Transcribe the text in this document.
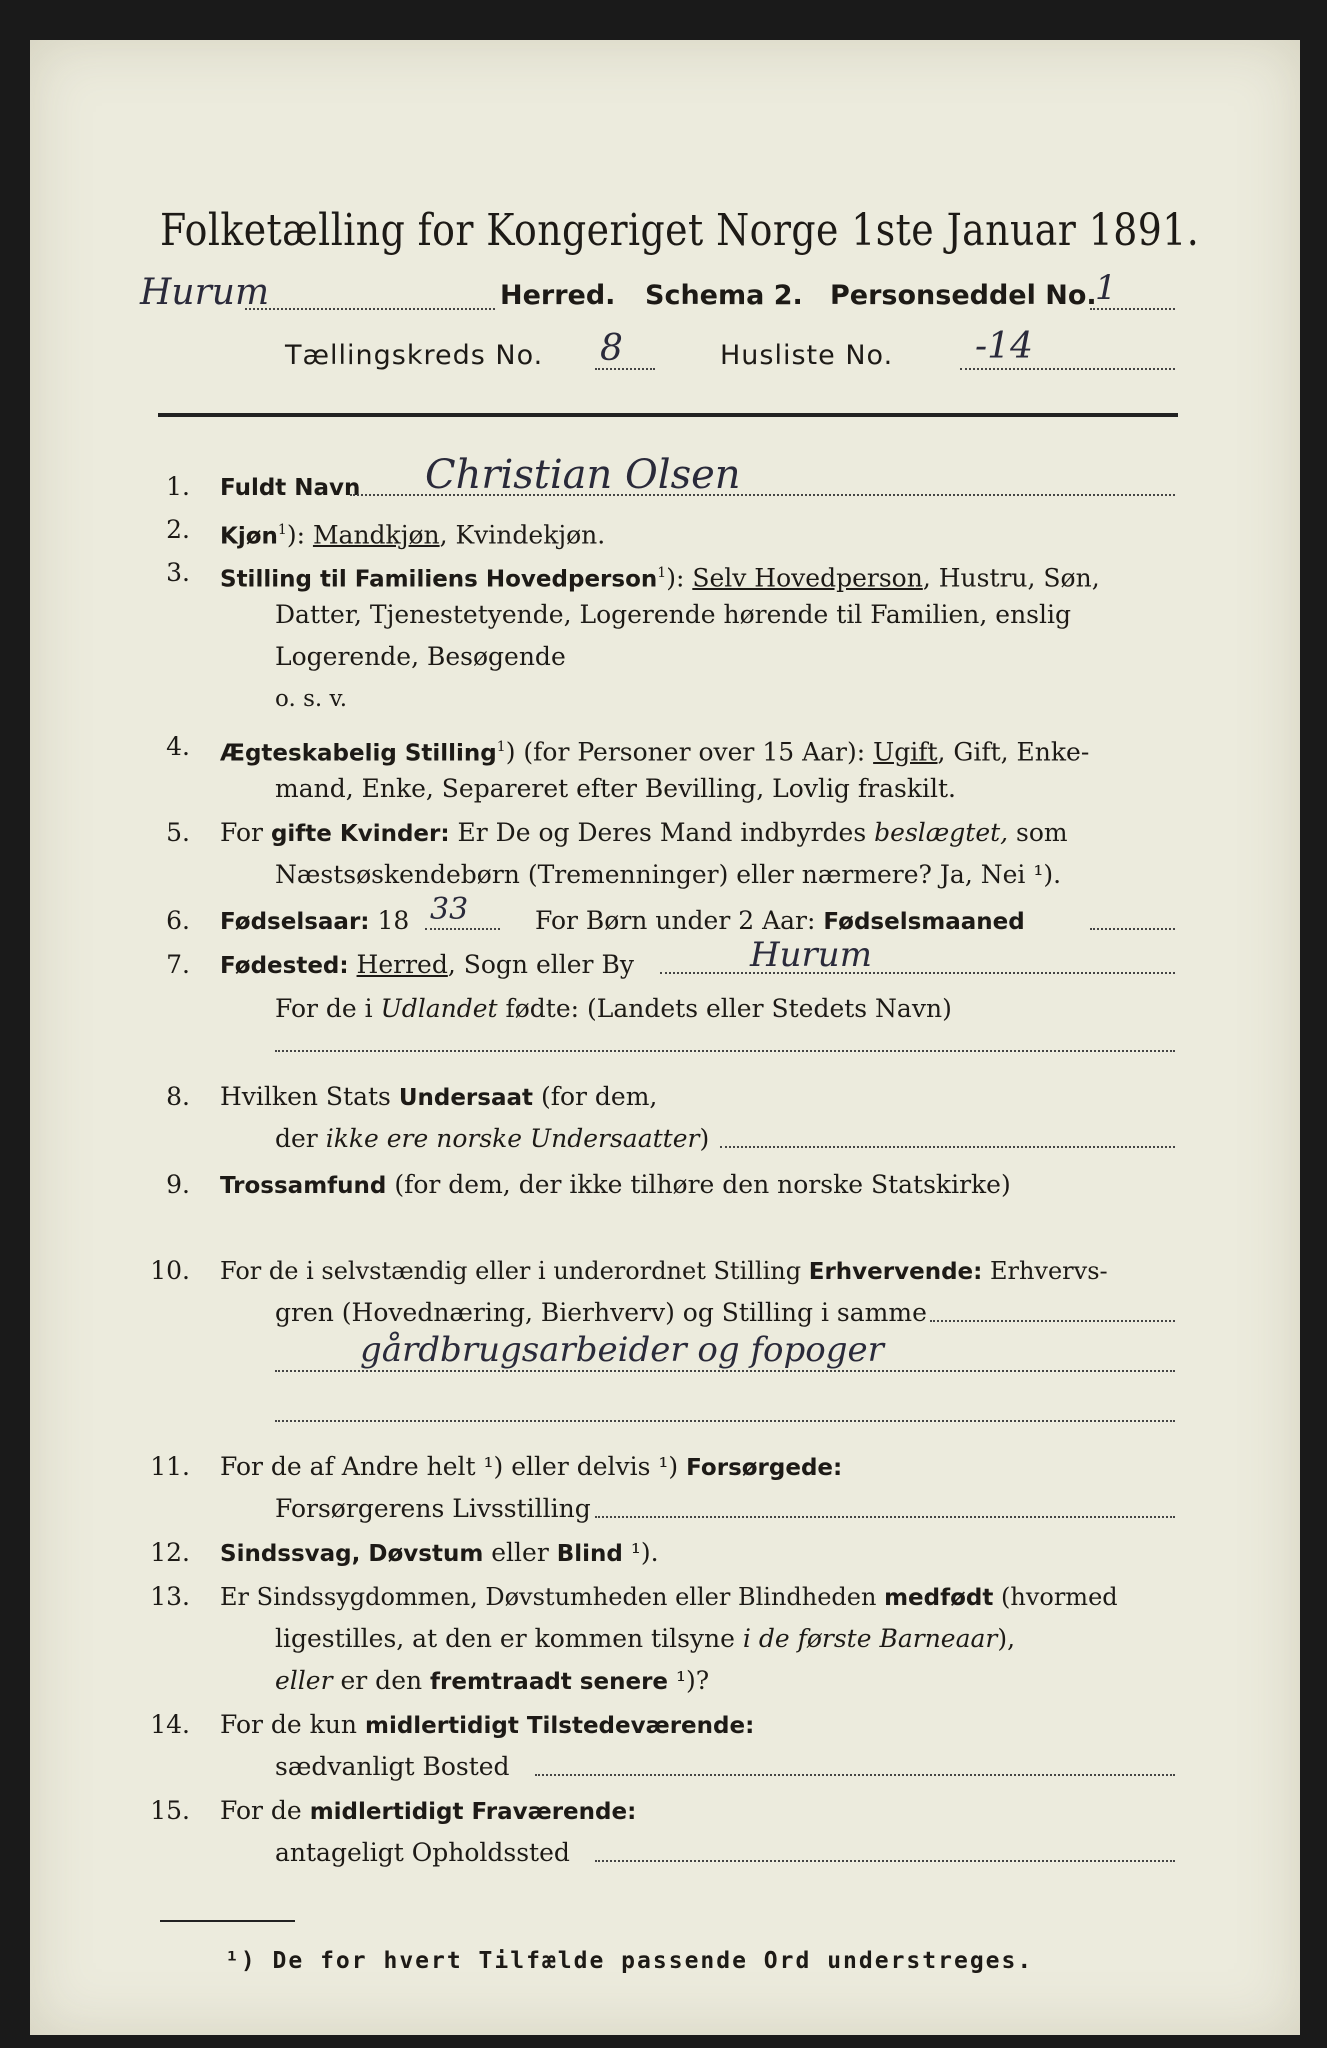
Folketælling for Kongeriget Norge 1ste Januar 1891.
Hurum	Herred. Schema 2. Personseddel No.
1
Tællingskreds No. 8	Husliste No. -14
1. Fuldt Navn Christian Olsen
2. Kjøn$^1$): Mandkjøn, Kvindekjøn.
3. Stilling til Familiens Hovedperson$^1$): Selv Hovedperson, Hustru, Søn,
Datter, Tjenestetyende, Logerende hørende til Familien, enslig
Logerende, Besøgende
o. s. v.
4. Ægteskabelig Stilling$^1$) (for Personer over 15 Aar): Ugift, Gift, Enke-
mand, Enke, Separeret efter Bevilling, Lovlig fraskilt.
5. For gifte Kvinder: Er De og Deres Mand indbyrdes beslægtet, som
Næstsøskendebørn (Tremenninger) eller nærmere? Ja, Nei ¹).
6. Fødselsaar: 18 33	For Børn under 2 Aar: Fødselsmaaned
7. Fødested: Herred, Sogn eller By	Hurum
For de i Udlandet fødte: (Landets eller Stedets Navn)
8. Hvilken Stats Undersaat (for dem,
der ikke ere norske Undersaatter)
9. Trossamfund (for dem, der ikke tilhøre den norske Statskirke)
10. For de i selvstændig eller i underordnet Stilling Erhvervende: Erhvervs-
gren (Hovednæring, Bierhverv) og Stilling i samme
gårdbrugsarbeider og fopoger
11. For de af Andre helt ¹) eller delvis ¹) Forsørgede:
Forsørgerens Livsstilling
12. Sindssvag, Døvstum eller Blind ¹).
13. Er Sindssygdommen, Døvstumheden eller Blindheden medfødt (hvormed
ligestilles, at den er kommen tilsyne i de første Barneaar),
eller er den fremtraadt senere ¹)?
14. For de kun midlertidigt Tilstedeværende:
sædvanligt Bosted
15. For de midlertidigt Fraværende:
antageligt Opholdssted
¹) De for hvert Tilfælde passende Ord understreges.
